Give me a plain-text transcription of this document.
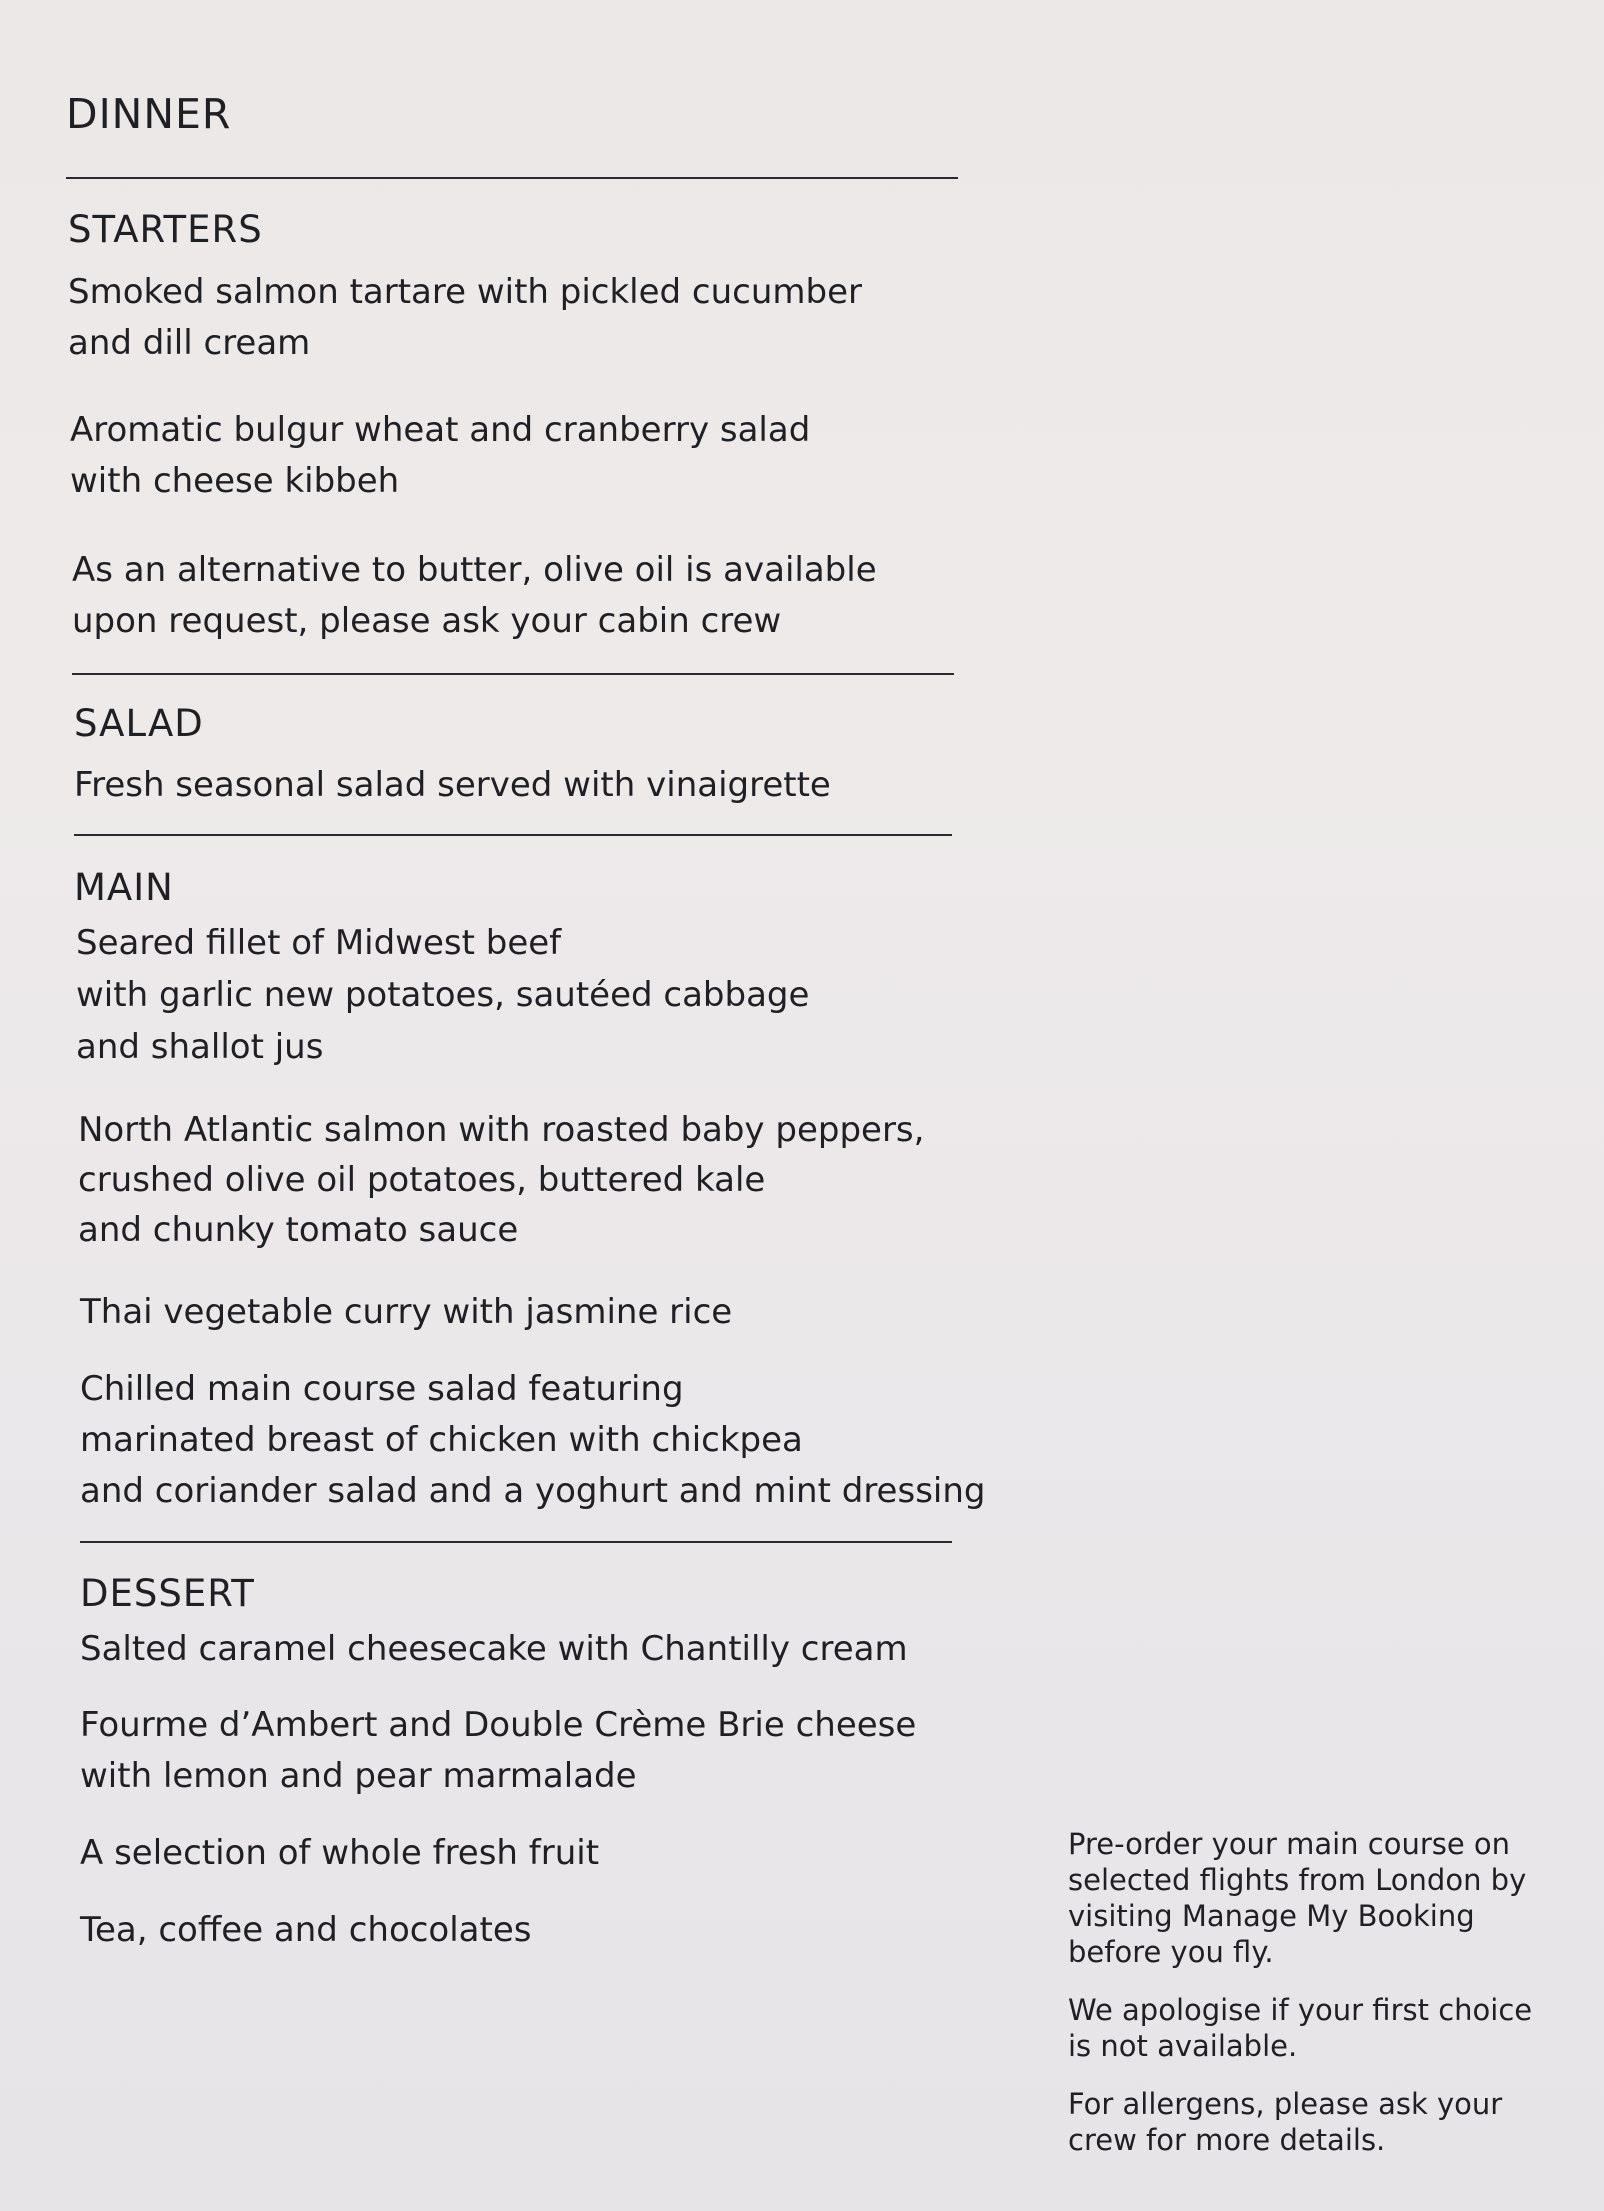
DINNER
STARTERS

Smoked salmon tartare with pickled cucumber
and dill cream

Aromatic bulgur wheat and cranberry salad
with cheese kibbeh

As an alternative to butter, olive oil is available
upon request, please ask your cabin crew

SALAD

Fresh seasonal salad served with vinaigrette

MAIN

Seared fillet of Midwest beef
with garlic new potatoes, sautéed cabbage
and shallot jus

North Atlantic salmon with roasted baby peppers,
crushed olive oil potatoes, buttered kale
and chunky tomato sauce

Thai vegetable curry with jasmine rice

Chilled main course salad featuring
marinated breast of chicken with chickpea
and coriander salad and a yoghurt and mint dressing

DESSERT

Salted caramel cheesecake with Chantilly cream

Fourme d’Ambert and Double Crème Brie cheese
with lemon and pear marmalade

A selection of whole fresh fruit

Tea, coffee and chocolates

Pre-order your main course on
selected flights from London by
visiting Manage My Booking
before you fly.

We apologise if your first choice
is not available.

For allergens, please ask your
crew for more details.
